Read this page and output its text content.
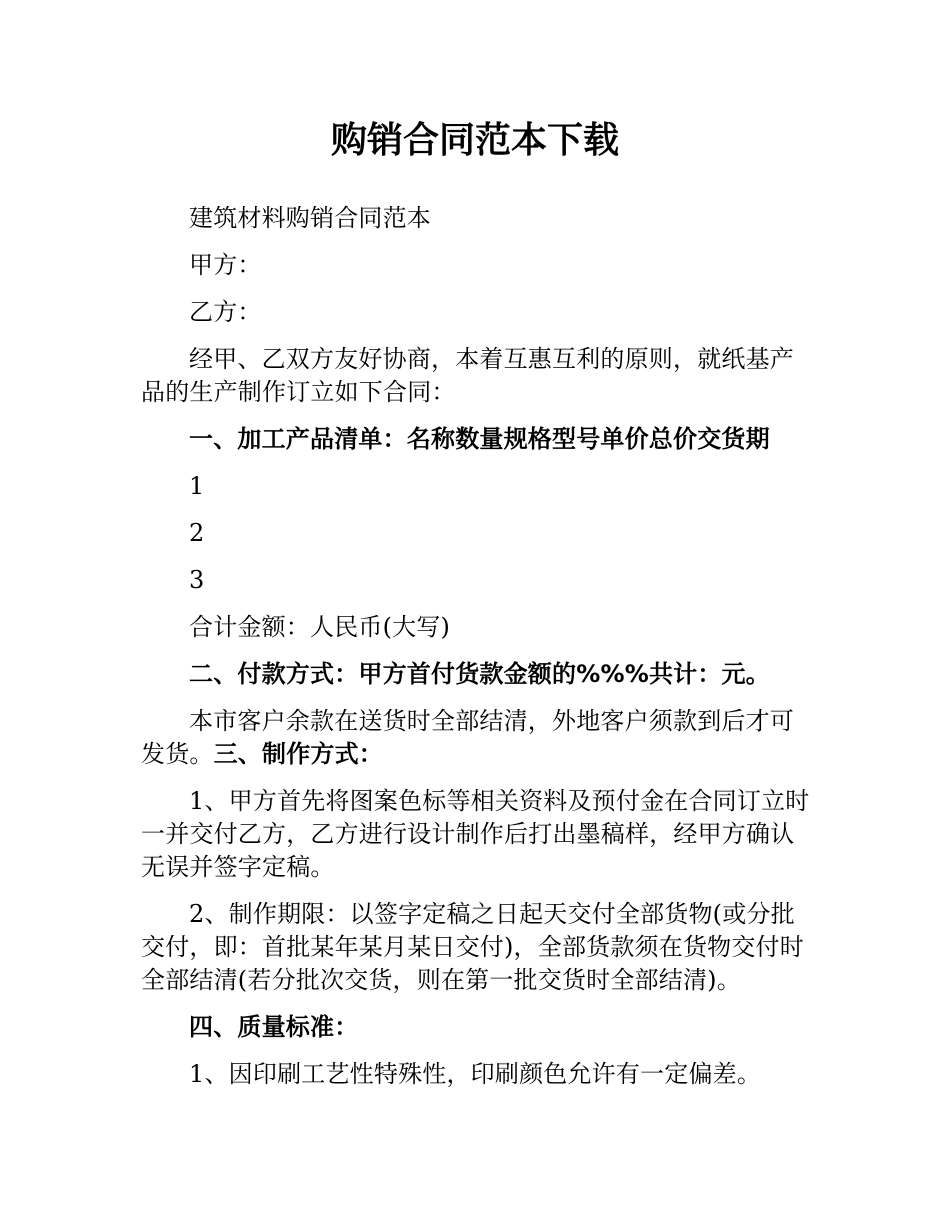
购销合同范本下载

建筑材料购销合同范本

甲方：

乙方：

经甲、乙双方友好协商，本着互惠互利的原则，就纸基产品的生产制作订立如下合同：

一、加工产品清单：名称数量规格型号单价总价交货期

1

2

3

合计金额：人民币(大写)

二、付款方式：甲方首付货款金额的%%%共计：元。

本市客户余款在送货时全部结清，外地客户须款到后才可发货。三、制作方式：

1、甲方首先将图案色标等相关资料及预付金在合同订立时一并交付乙方，乙方进行设计制作后打出墨稿样，经甲方确认无误并签字定稿。

2、制作期限：以签字定稿之日起天交付全部货物(或分批交付，即：首批某年某月某日交付)，全部货款须在货物交付时全部结清(若分批次交货，则在第一批交货时全部结清)。

四、质量标准：

1、因印刷工艺性特殊性，印刷颜色允许有一定偏差。
